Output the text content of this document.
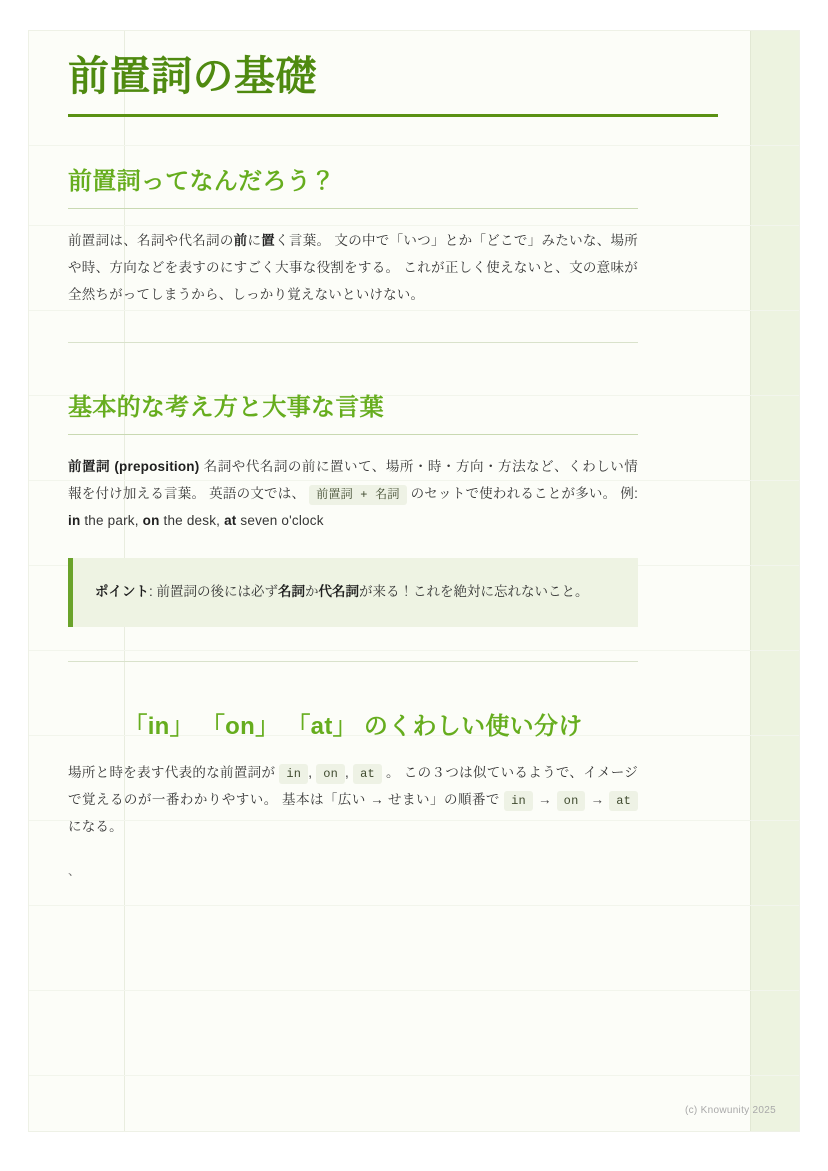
前置詞の基礎
前置詞ってなんだろう？

前置詞は、名詞や代名詞の前に置く言葉。 文の中で「いつ」とか「どこで」みたいな、場所や時、方向などを表すのにすごく大事な役割をする。 これが正しく使えないと、文の意味が全然ちがってしまうから、しっかり覚えないといけない。

基本的な考え方と大事な言葉

前置詞 (preposition) 名詞や代名詞の前に置いて、場所・時・方向・方法など、くわしい情報を付け加える言葉。 英語の文では、 前置詞 + 名詞 のセットで使われることが多い。 例: in the park, on the desk, at seven o'clock

ポイント: 前置詞の後には必ず名詞か代名詞が来る！これを絶対に忘れないこと。

「in」 「on」 「at」 のくわしい使い分け

場所と時を表す代表的な前置詞が in , on , at 。 この３つは似ているようで、イメージで覚えるのが一番わかりやすい。 基本は「広い → せまい」の順番で in → on → at になる。

、
(c) Knowunity 2025
